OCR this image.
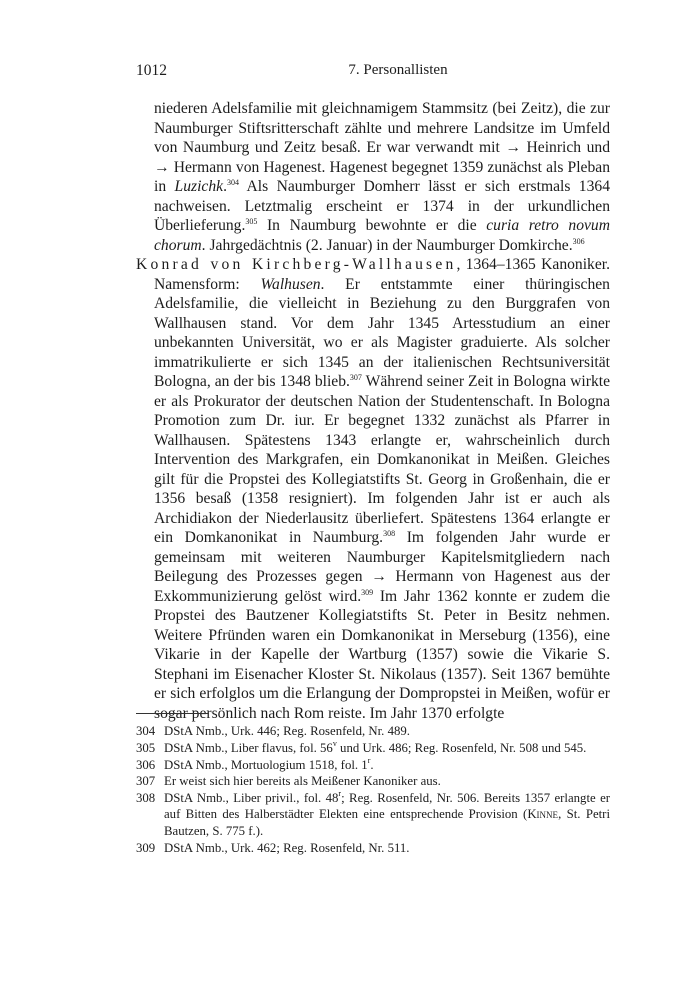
1012	7. Personallisten

niederen Adelsfamilie mit gleichnamigem Stammsitz (bei Zeitz), die zur Naumburger Stiftsritterschaft zählte und mehrere Landsitze im Umfeld von Naumburg und Zeitz besaß. Er war verwandt mit → Heinrich und → Hermann von Hagenest. Hagenest begegnet 1359 zunächst als Pleban in Luzichk.$^{304}$ Als Naumburger Domherr lässt er sich erstmals 1364 nachweisen. Letztmalig erscheint er 1374 in der urkundlichen Überlieferung.$^{305}$ In Naumburg bewohnte er die curia retro novum chorum. Jahrgedächtnis (2. Januar) in der Naumburger Domkirche.$^{306}$

Konrad von Kirchberg-Wallhausen, 1364–1365 Kanoniker. Namensform: Walhusen. Er entstammte einer thüringischen Adelsfamilie, die vielleicht in Beziehung zu den Burggrafen von Wallhausen stand. Vor dem Jahr 1345 Artesstudium an einer unbekannten Universität, wo er als Magister graduierte. Als solcher immatrikulierte er sich 1345 an der italienischen Rechtsuniversität Bologna, an der bis 1348 blieb.$^{307}$ Während seiner Zeit in Bologna wirkte er als Prokurator der deutschen Nation der Studentenschaft. In Bologna Promotion zum Dr. iur. Er begegnet 1332 zunächst als Pfarrer in Wallhausen. Spätestens 1343 erlangte er, wahrscheinlich durch Intervention des Markgrafen, ein Domkanonikat in Meißen. Gleiches gilt für die Propstei des Kollegiatstifts St. Georg in Großenhain, die er 1356 besaß (1358 resigniert). Im folgenden Jahr ist er auch als Archidiakon der Niederlausitz überliefert. Spätestens 1364 erlangte er ein Domkanonikat in Naumburg.$^{308}$ Im folgenden Jahr wurde er gemeinsam mit weiteren Naumburger Kapitelsmitgliedern nach Beilegung des Prozesses gegen → Hermann von Hagenest aus der Exkommunizierung gelöst wird.$^{309}$ Im Jahr 1362 konnte er zudem die Propstei des Bautzener Kollegiatstifts St. Peter in Besitz nehmen. Weitere Pfründen waren ein Domkanonikat in Merseburg (1356), eine Vikarie in der Kapelle der Wartburg (1357) sowie die Vikarie S. Stephani im Eisenacher Kloster St. Nikolaus (1357). Seit 1367 bemühte er sich erfolglos um die Erlangung der Dompropstei in Meißen, wofür er sogar persönlich nach Rom reiste. Im Jahr 1370 erfolgte

304 DStA Nmb., Urk. 446; Reg. Rosenfeld, Nr. 489.
305 DStA Nmb., Liber flavus, fol. 56$^v$ und Urk. 486; Reg. Rosenfeld, Nr. 508 und 545.
306 DStA Nmb., Mortuologium 1518, fol. 1$^r$.
307 Er weist sich hier bereits als Meißener Kanoniker aus.
308 DStA Nmb., Liber privil., fol. 48$^r$; Reg. Rosenfeld, Nr. 506. Bereits 1357 erlangte er auf Bitten des Halberstädter Elekten eine entsprechende Provision (Kinne, St. Petri Bautzen, S. 775 f.).
309 DStA Nmb., Urk. 462; Reg. Rosenfeld, Nr. 511.
